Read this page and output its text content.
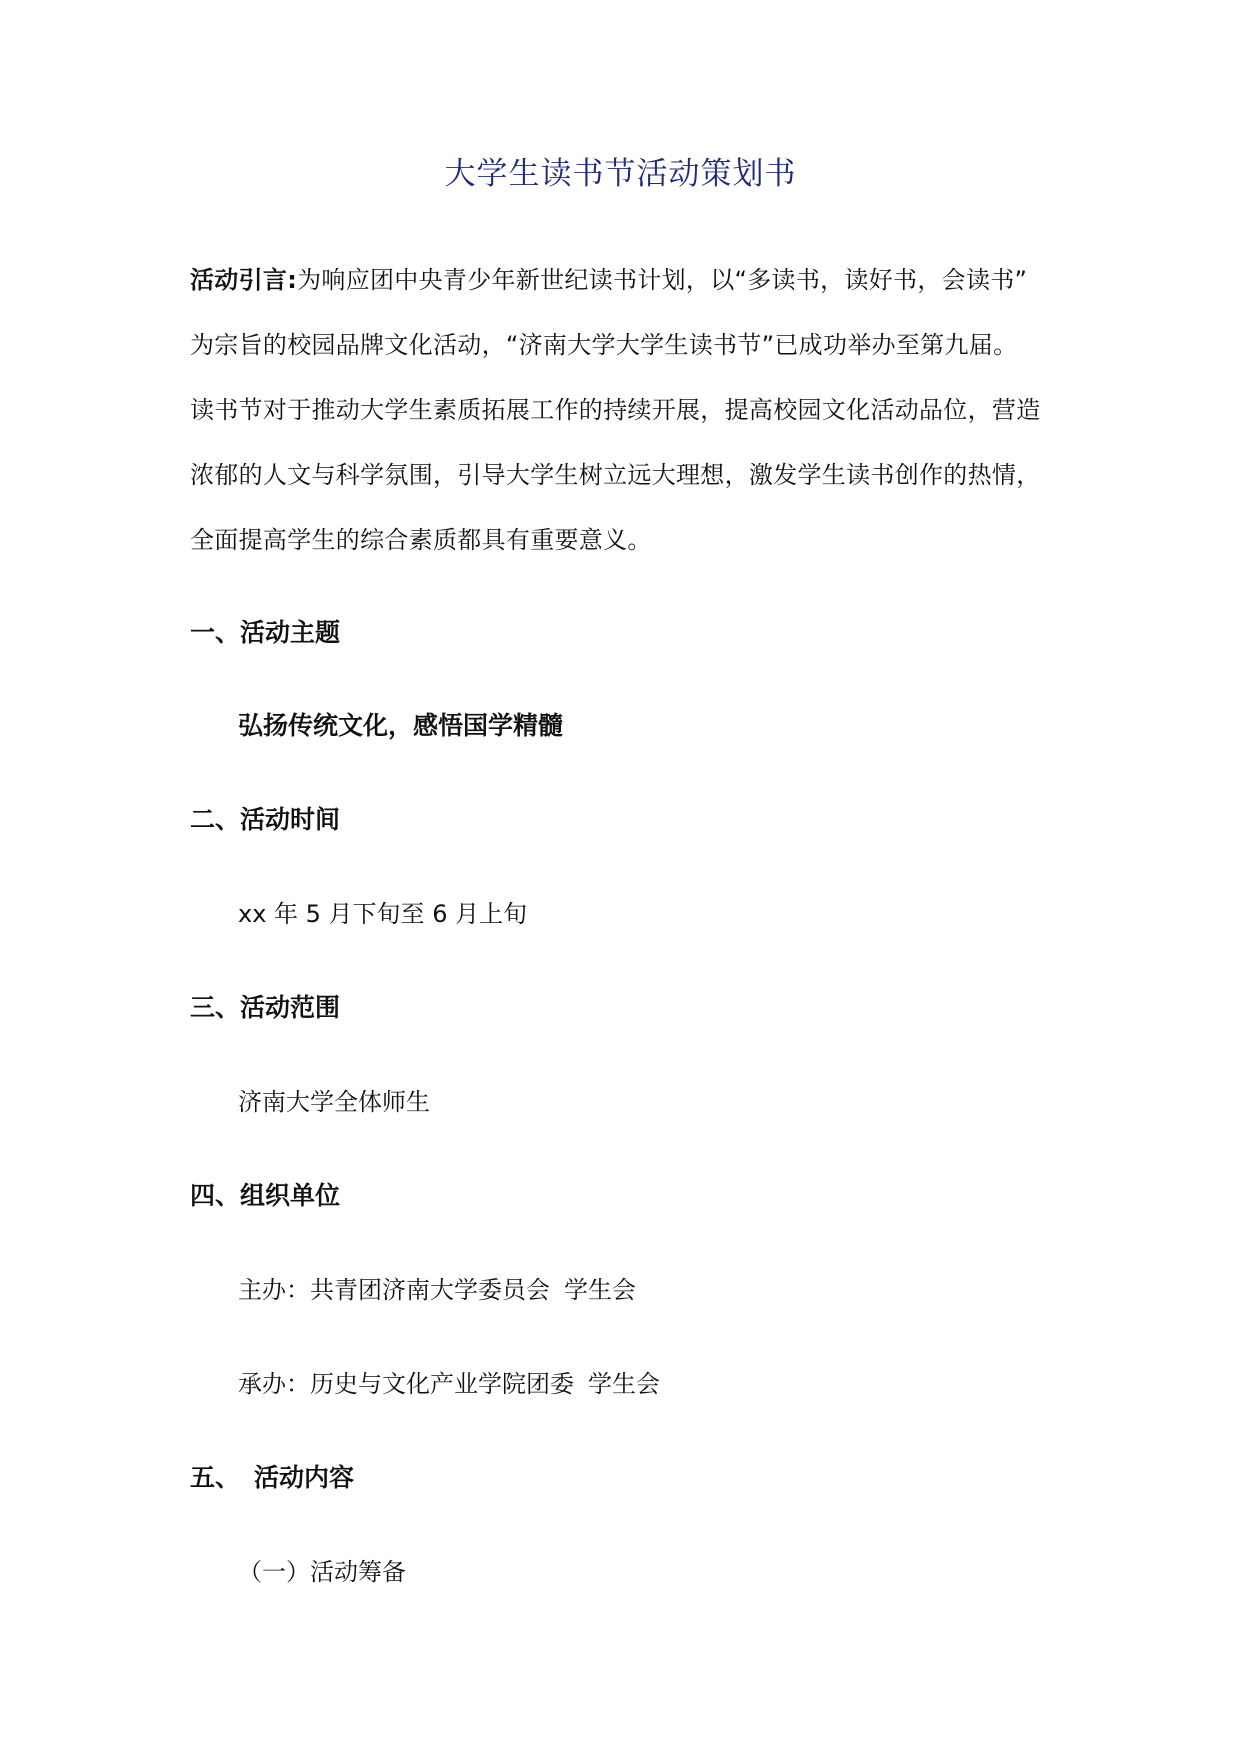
大学生读书节活动策划书
活动引言:为响应团中央青少年新世纪读书计划，以“多读书，读好书，会读书”
为宗旨的校园品牌文化活动，“济南大学大学生读书节”已成功举办至第九届。
读书节对于推动大学生素质拓展工作的持续开展，提高校园文化活动品位，营造
浓郁的人文与科学氛围，引导大学生树立远大理想，激发学生读书创作的热情，
全面提高学生的综合素质都具有重要意义。
一、活动主题
弘扬传统文化，感悟国学精髓
二、活动时间
xx 年 5 月下旬至 6 月上旬
三、活动范围
济南大学全体师生
四、组织单位
主办：共青团济南大学委员会 学生会
承办：历史与文化产业学院团委 学生会
五、 活动内容
（一）活动筹备
